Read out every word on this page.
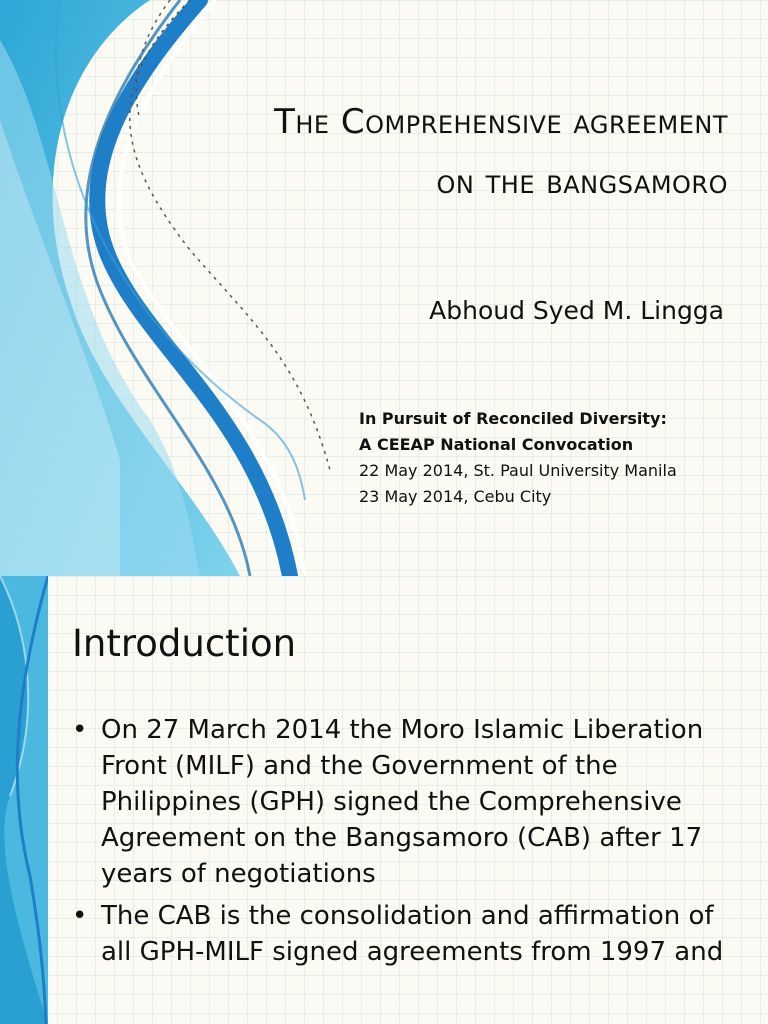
The Comprehensive agreement
on the bangsamoro
Abhoud Syed M. Lingga
In Pursuit of Reconciled Diversity:
A CEEAP National Convocation
22 May 2014, St. Paul University Manila
23 May 2014, Cebu City
Introduction
• On 27 March 2014 the Moro Islamic Liberation Front (MILF) and the Government of the Philippines (GPH) signed the Comprehensive Agreement on the Bangsamoro (CAB) after 17 years of negotiations
• The CAB is the consolidation and affirmation of all GPH-MILF signed agreements from 1997 and
